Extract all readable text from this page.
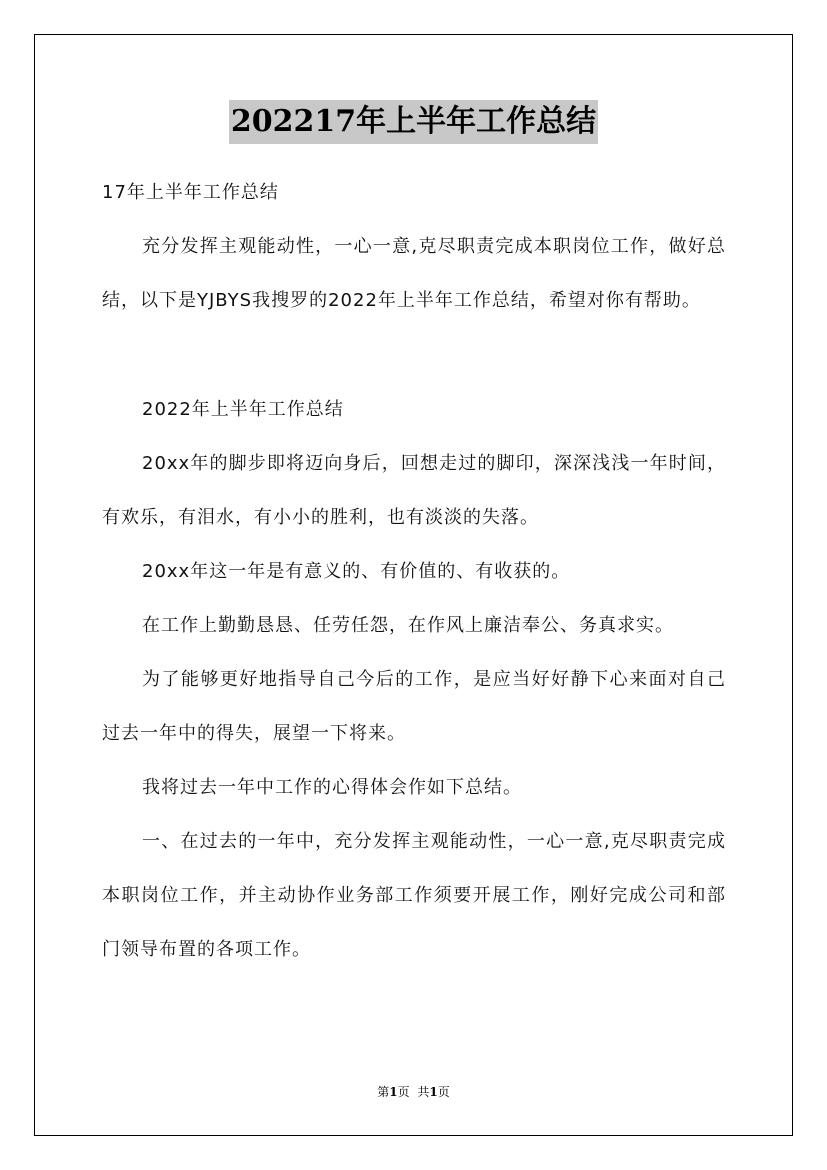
202217年上半年工作总结

17年上半年工作总结

充分发挥主观能动性，一心一意,克尽职责完成本职岗位工作，做好总结，以下是YJBYS我搜罗的2022年上半年工作总结，希望对你有帮助。

2022年上半年工作总结

20xx年的脚步即将迈向身后，回想走过的脚印，深深浅浅一年时间，有欢乐，有泪水，有小小的胜利，也有淡淡的失落。

20xx年这一年是有意义的、有价值的、有收获的。

在工作上勤勤恳恳、任劳任怨，在作风上廉洁奉公、务真求实。

为了能够更好地指导自己今后的工作，是应当好好静下心来面对自己过去一年中的得失，展望一下将来。

我将过去一年中工作的心得体会作如下总结。

一、在过去的一年中，充分发挥主观能动性，一心一意,克尽职责完成本职岗位工作，并主动协作业务部工作须要开展工作，刚好完成公司和部门领导布置的各项工作。

第1页 共1页
